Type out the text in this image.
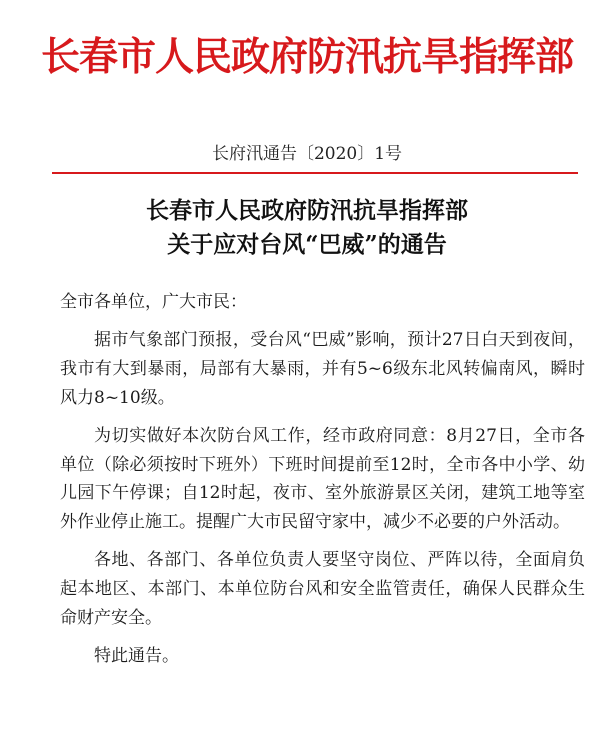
长春市人民政府防汛抗旱指挥部
长府汛通告〔2020〕1号
长春市人民政府防汛抗旱指挥部
关于应对台风“巴威”的通告

全市各单位，广大市民：

据市气象部门预报，受台风“巴威”影响，预计27日白天到夜间，我市有大到暴雨，局部有大暴雨，并有5~6级东北风转偏南风，瞬时风力8~10级。

为切实做好本次防台风工作，经市政府同意：8月27日，全市各单位（除必须按时下班外）下班时间提前至12时，全市各中小学、幼儿园下午停课；自12时起，夜市、室外旅游景区关闭，建筑工地等室外作业停止施工。提醒广大市民留守家中，减少不必要的户外活动。

各地、各部门、各单位负责人要坚守岗位、严阵以待，全面肩负起本地区、本部门、本单位防台风和安全监管责任，确保人民群众生命财产安全。

特此通告。
